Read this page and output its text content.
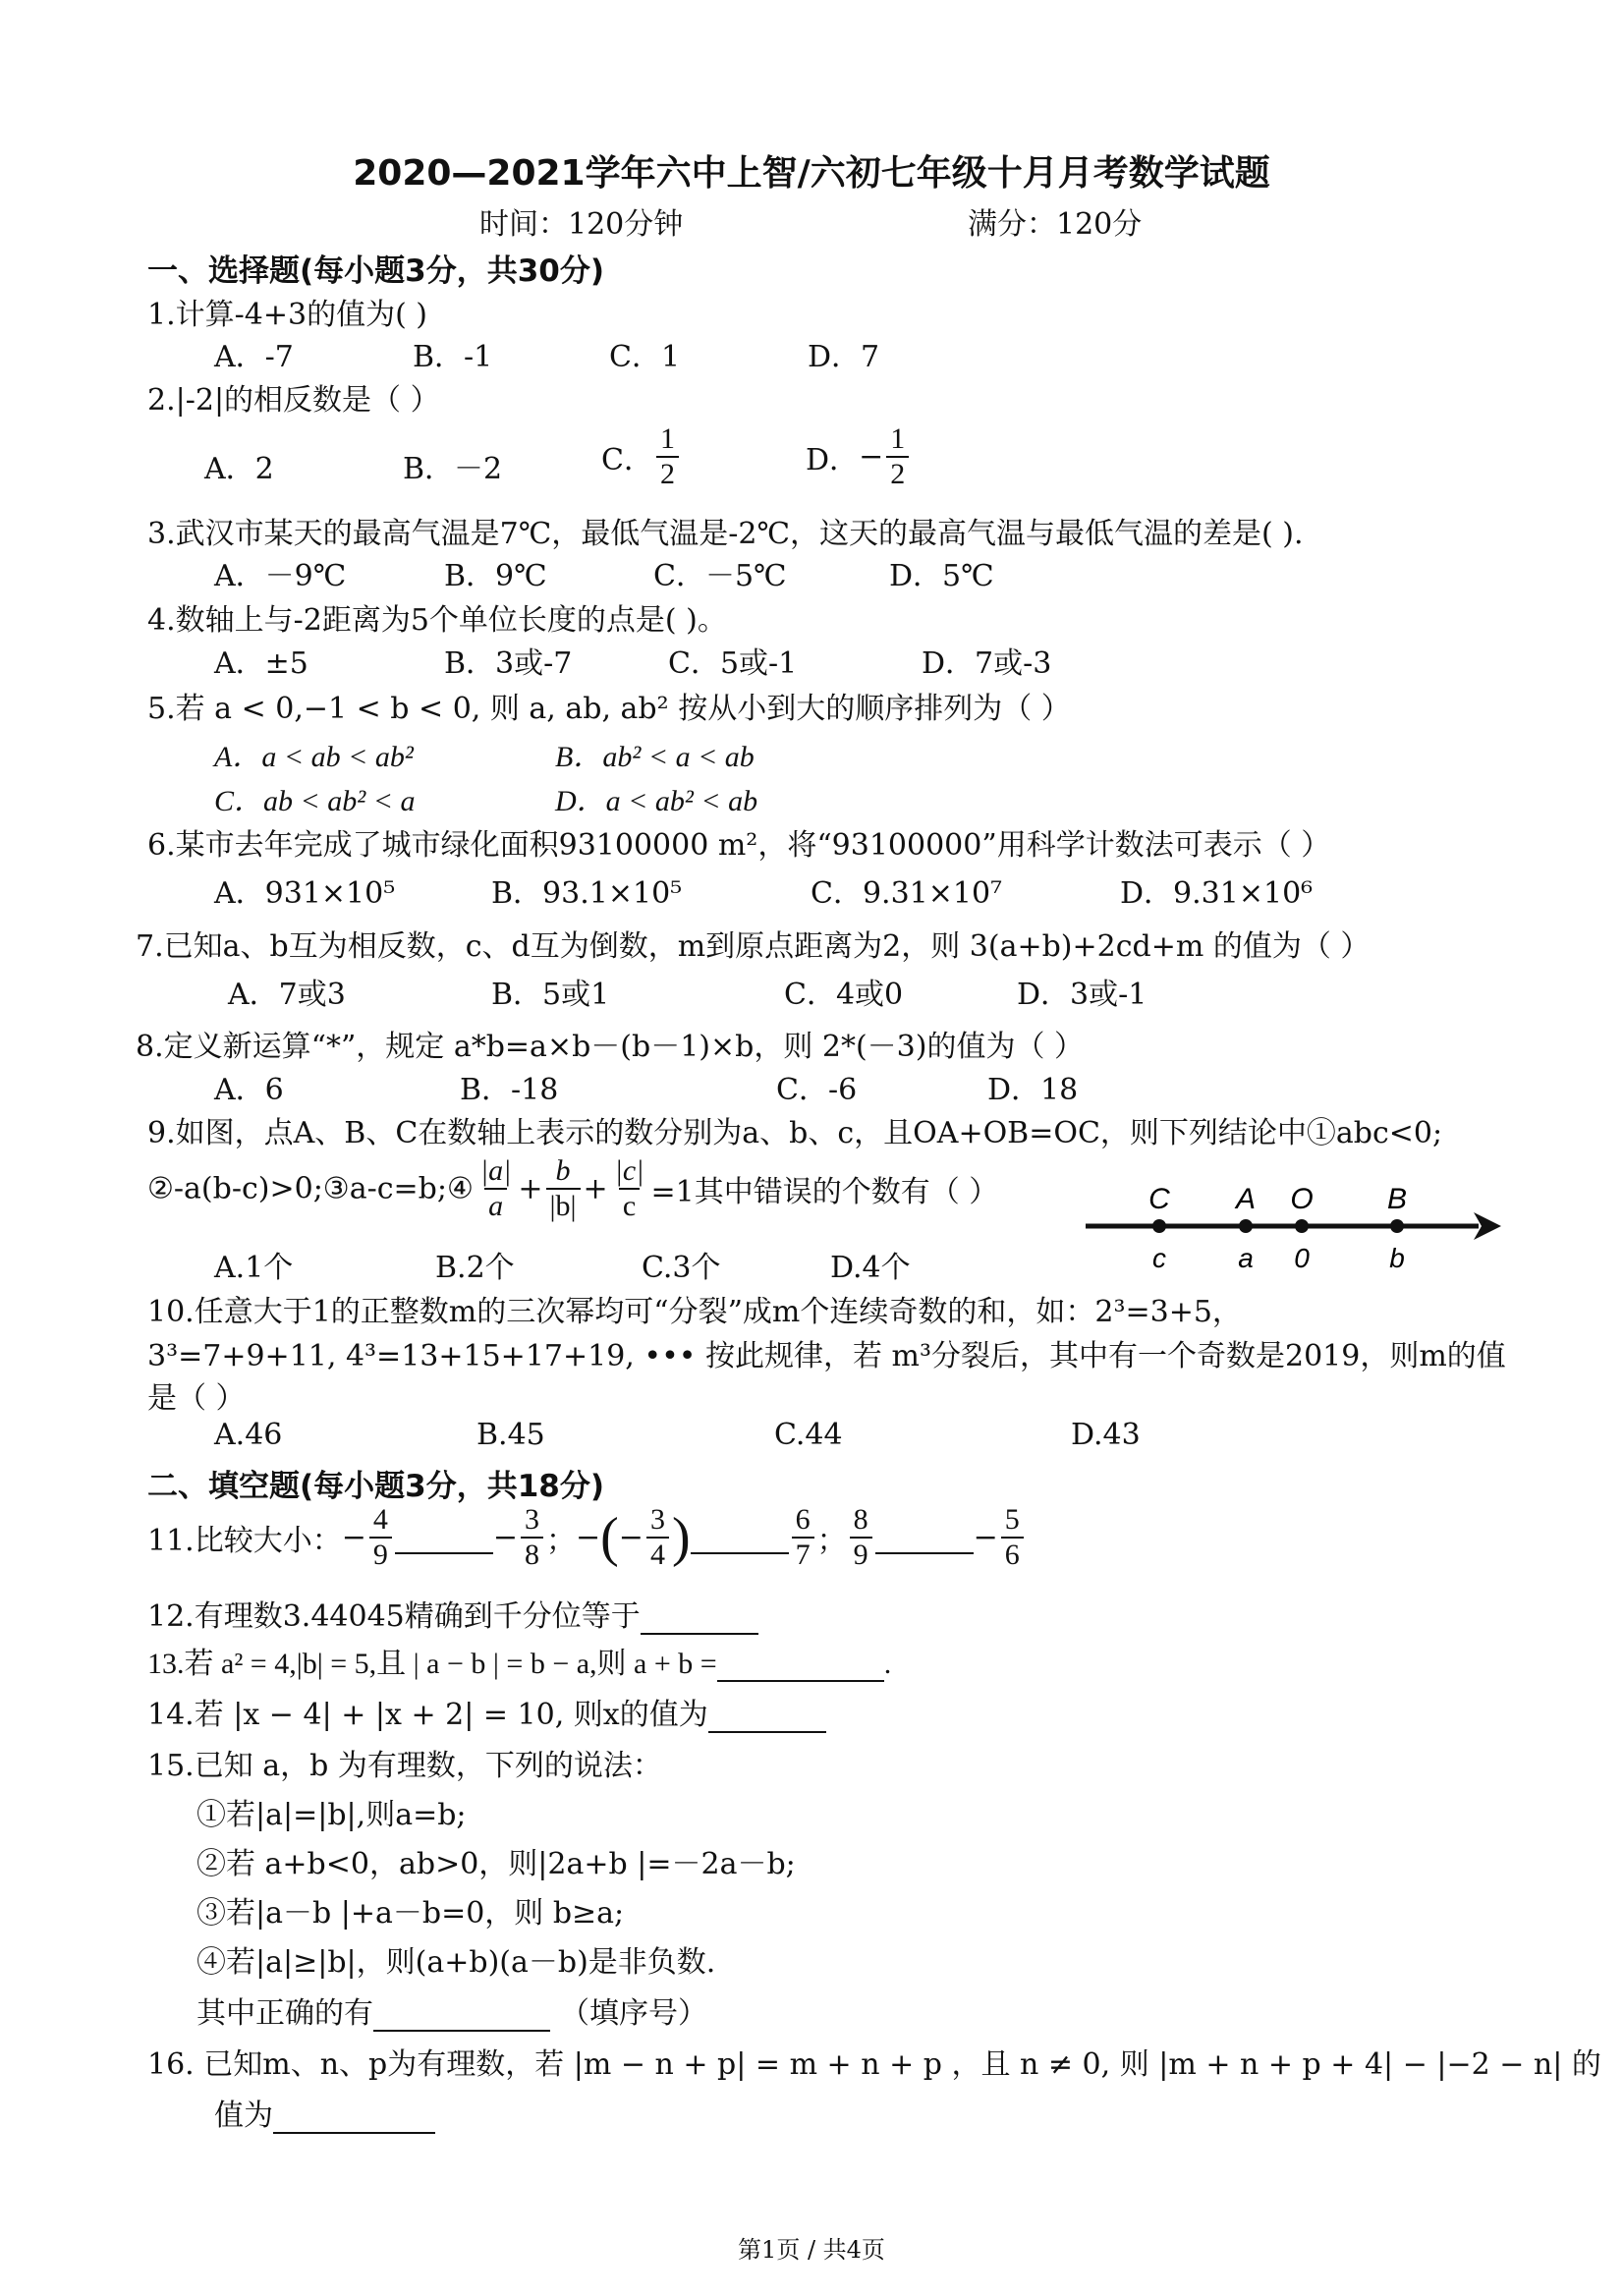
2020—2021学年六中上智/六初七年级十月月考数学试题
时间：120分钟	满分：120分
一、选择题(每小题3分，共30分)
1.计算-4+3的值为( )
A．-7	B．-1	C．1	D．7
2.|-2|的相反数是（ ）
A．2	B．－2	C． $\frac{1}{2}$	D．− $\frac{1}{2}$
3.武汉市某天的最高气温是7℃，最低气温是-2℃，这天的最高气温与最低气温的差是( ).
A．－9℃	B．9℃	C．－5℃	D．5℃
4.数轴上与-2距离为5个单位长度的点是( )。
A．±5	B．3或-7	C．5或-1	D．7或-3
5.若 a < 0,−1 < b < 0, 则 a, ab, ab² 按从小到大的顺序排列为（ ）
A．a < ab < ab²	B．ab² < a < ab
C．ab < ab² < a	D．a < ab² < ab
6.某市去年完成了城市绿化面积93100000 m²，将“93100000”用科学计数法可表示（ ）
A．931×10⁵	B．93.1×10⁵	C．9.31×10⁷	D．9.31×10⁶
7.已知a、b互为相反数，c、d互为倒数，m到原点距离为2，则 3(a+b)+2cd+m 的值为（ ）
A．7或3	B．5或1	C．4或0	D．3或-1
8.定义新运算“*”，规定 a*b=a×b－(b－1)×b，则 2*(－3)的值为（ ）
A．6	B．-18	C．-6	D．18
9.如图，点A、B、C在数轴上表示的数分别为a、b、c，且OA+OB=OC，则下列结论中①abc<0;
②-a(b-c)>0;③a-c=b;④ $\frac{|a|}{a} + \frac{b}{|b|} + \frac{|c|}{c} =1$其中错误的个数有（ ）
A.1个	B.2个	C.3个	D.4个
C A O	B
c	a 0	b
10.任意大于1的正整数m的三次幂均可“分裂”成m个连续奇数的和，如：2³=3+5，
3³=7+9+11, 4³=13+15+17+19, ••• 按此规律，若 m³分裂后，其中有一个奇数是2019，则m的值
是（ ）
A.46	B.45	C.44	D.43
二、填空题(每小题3分，共18分)
11.比较大小：− $\frac{4}{9}$	− $\frac{3}{8}$ ；−(− $\frac{3}{4}$ )	$\frac{6}{7}$ ； $\frac{8}{9}$	− $\frac{5}{6}$
12.有理数3.44045精确到千分位等于
13.若 a² = 4,|b| = 5,且 | a − b | = b − a,则 a + b =	.
14.若 |x − 4| + |x + 2| = 10, 则x的值为
15.已知 a，b 为有理数，下列的说法：
①若|a|=|b|,则a=b;
②若 a+b<0，ab>0，则|2a+b |=－2a－b;
③若|a－b |+a－b=0，则 b≥a;
④若|a|≥|b|，则(a+b)(a－b)是非负数.
其中正确的有	（填序号）
16. 已知m、n、p为有理数，若 |m − n + p| = m + n + p ，且 n ≠ 0, 则 |m + n + p + 4| − |−2 − n| 的
值为
第1页 / 共4页
